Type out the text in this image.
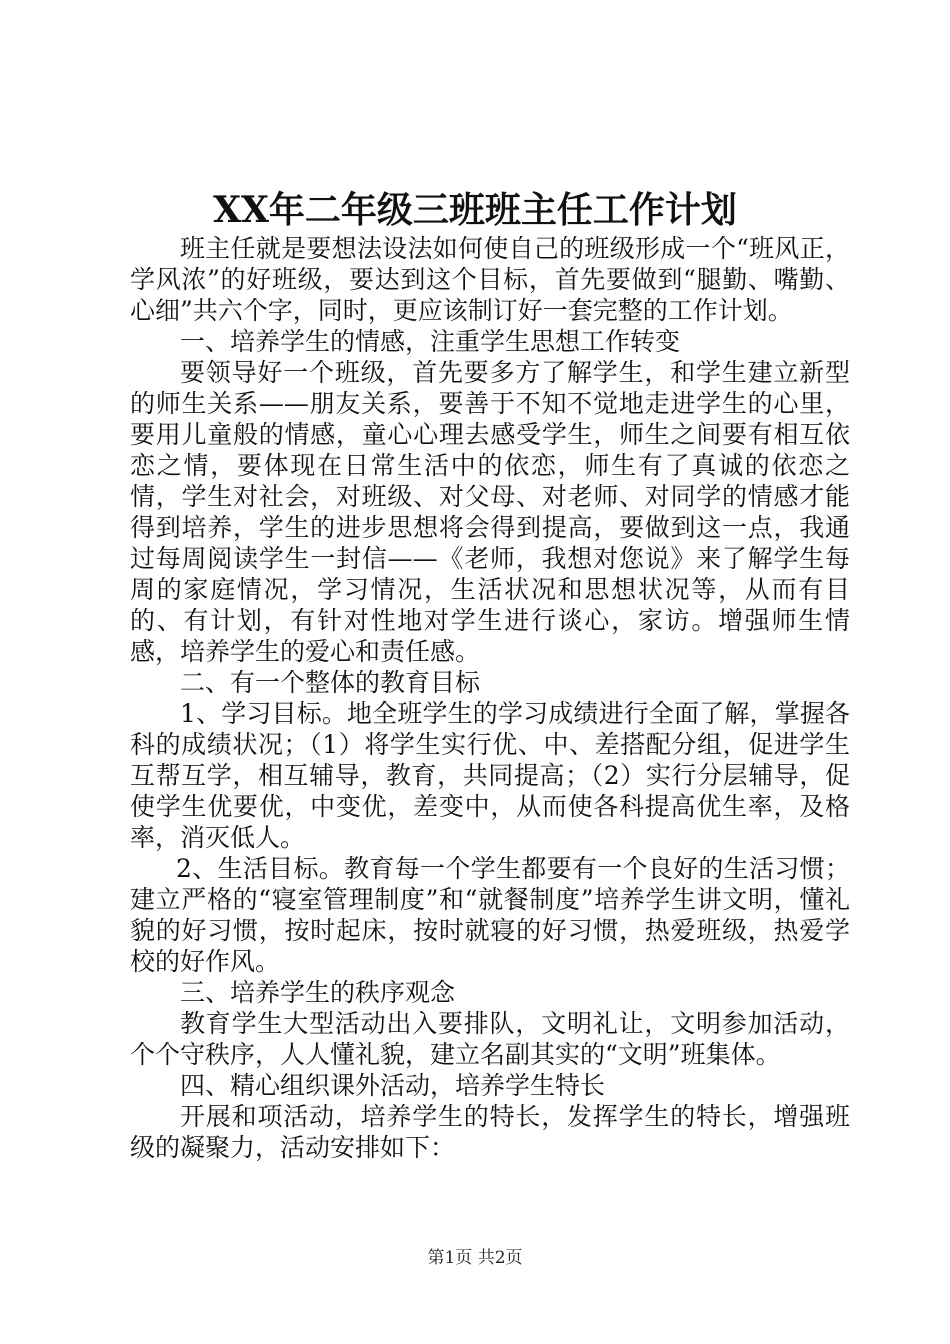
XX年二年级三班班主任工作计划

班主任就是要想法设法如何使自己的班级形成一个“班风正，学风浓”的好班级，要达到这个目标，首先要做到“腿勤、嘴勤、心细”共六个字，同时，更应该制订好一套完整的工作计划。

一、培养学生的情感，注重学生思想工作转变

要领导好一个班级，首先要多方了解学生，和学生建立新型的师生关系——朋友关系，要善于不知不觉地走进学生的心里，要用儿童般的情感，童心心理去感受学生，师生之间要有相互依恋之情，要体现在日常生活中的依恋，师生有了真诚的依恋之情，学生对社会，对班级、对父母、对老师、对同学的情感才能得到培养，学生的进步思想将会得到提高，要做到这一点，我通过每周阅读学生一封信——《老师，我想对您说》来了解学生每周的家庭情况，学习情况，生活状况和思想状况等，从而有目的、有计划，有针对性地对学生进行谈心，家访。增强师生情感，培养学生的爱心和责任感。

二、有一个整体的教育目标

1、学习目标。地全班学生的学习成绩进行全面了解，掌握各科的成绩状况；（1）将学生实行优、中、差搭配分组，促进学生互帮互学，相互辅导，教育，共同提高；（2）实行分层辅导，促使学生优要优，中变优，差变中，从而使各科提高优生率，及格率，消灭低人。

2、生活目标。教育每一个学生都要有一个良好的生活习惯；建立严格的“寝室管理制度”和“就餐制度”培养学生讲文明，懂礼貌的好习惯，按时起床，按时就寝的好习惯，热爱班级，热爱学校的好作风。

三、培养学生的秩序观念

教育学生大型活动出入要排队，文明礼让，文明参加活动，个个守秩序，人人懂礼貌，建立名副其实的“文明”班集体。

四、精心组织课外活动，培养学生特长

开展和项活动，培养学生的特长，发挥学生的特长，增强班级的凝聚力，活动安排如下：

第1页 共2页
